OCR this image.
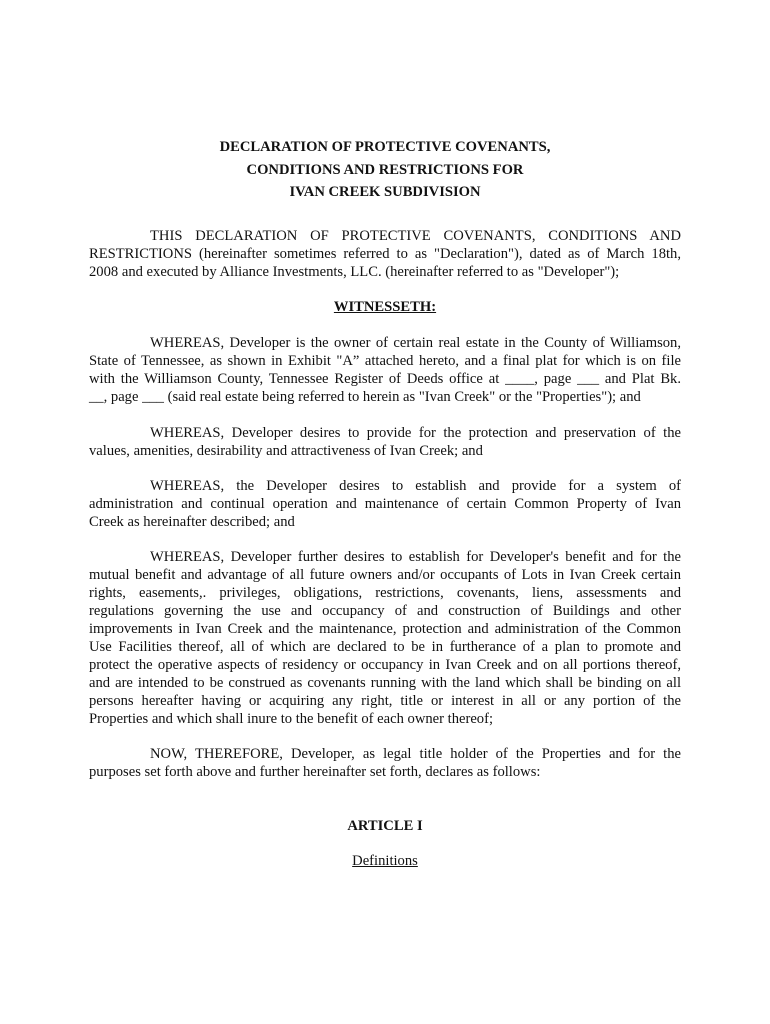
DECLARATION OF PROTECTIVE COVENANTS,
CONDITIONS AND RESTRICTIONS FOR
IVAN CREEK SUBDIVISION

THIS DECLARATION OF PROTECTIVE COVENANTS, CONDITIONS AND
RESTRICTIONS (hereinafter sometimes referred to as "Declaration"), dated as of March 18th,
2008 and executed by Alliance Investments, LLC. (hereinafter referred to as "Developer");

WITNESSETH:

WHEREAS, Developer is the owner of certain real estate in the County of Williamson,
State of Tennessee, as shown in Exhibit "A” attached hereto, and a final plat for which is on file
with the Williamson County, Tennessee Register of Deeds office at ____, page ___ and Plat Bk.
__, page ___ (said real estate being referred to herein as "Ivan Creek" or the "Properties"); and

WHEREAS, Developer desires to provide for the protection and preservation of the
values, amenities, desirability and attractiveness of Ivan Creek; and

WHEREAS, the Developer desires to establish and provide for a system of
administration and continual operation and maintenance of certain Common Property of Ivan
Creek as hereinafter described; and

WHEREAS, Developer further desires to establish for Developer's benefit and for the
mutual benefit and advantage of all future owners and/or occupants of Lots in Ivan Creek certain
rights, easements,. privileges, obligations, restrictions, covenants, liens, assessments and
regulations governing the use and occupancy of and construction of Buildings and other
improvements in Ivan Creek and the maintenance, protection and administration of the Common
Use Facilities thereof, all of which are declared to be in furtherance of a plan to promote and
protect the operative aspects of residency or occupancy in Ivan Creek and on all portions thereof,
and are intended to be construed as covenants running with the land which shall be binding on all
persons hereafter having or acquiring any right, title or interest in all or any portion of the
Properties and which shall inure to the benefit of each owner thereof;

NOW, THEREFORE, Developer, as legal title holder of the Properties and for the
purposes set forth above and further hereinafter set forth, declares as follows:

ARTICLE I
Definitions
